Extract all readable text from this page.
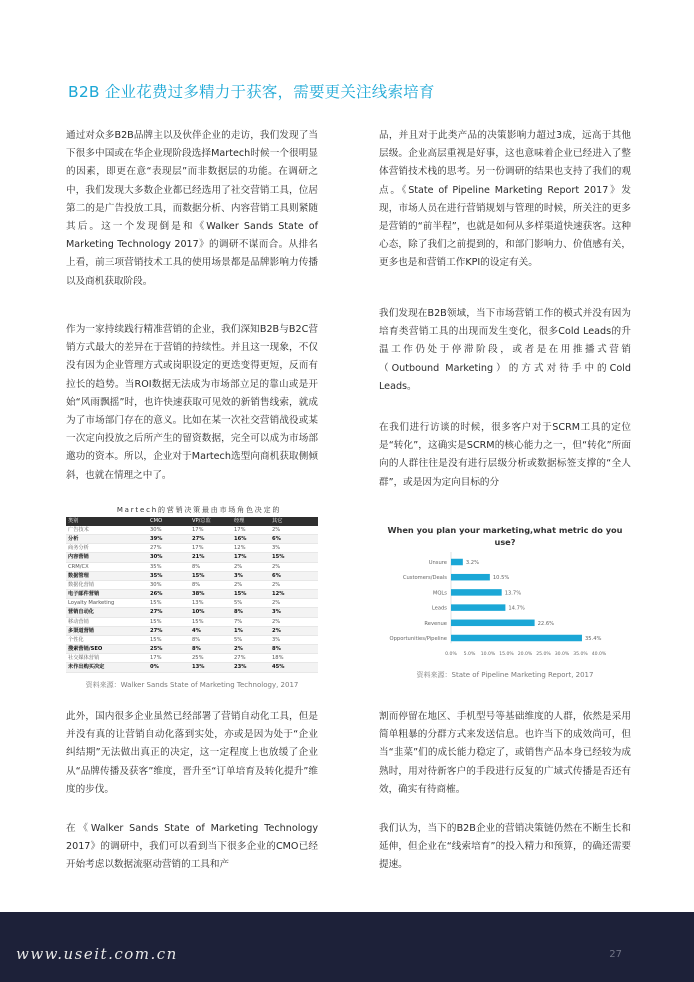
B2B 企业花费过多精力于获客，需要更关注线索培育

通过对众多B2B品牌主以及伙伴企业的走访，我们发现了当下很多中国或在华企业现阶段选择Martech时候一个很明显的因素，即更在意“表现层”而非数据层的功能。在调研之中，我们发现大多数企业都已经选用了社交营销工具，位居第二的是广告投放工具，而数据分析、内容营销工具则紧随其后。这一个发现倒是和《Walker Sands State of Marketing Technology 2017》的调研不谋而合。从排名上看，前三项营销技术工具的使用场景都是品牌影响力传播以及商机获取阶段。

作为一家持续践行精准营销的企业，我们深知B2B与B2C营销方式最大的差异在于营销的持续性。并且这一现象，不仅没有因为企业管理方式或岗职设定的更迭变得更短，反而有拉长的趋势。当ROI数据无法成为市场部立足的靠山或是开始“风雨飘摇”时，也许快速获取可见效的新销售线索，就成为了市场部门存在的意义。比如在某一次社交营销战役或某一次定向投放之后所产生的留资数据，完全可以成为市场部邀功的资本。所以，企业对于Martech选型向商机获取侧倾斜，也就在情理之中了。

品，并且对于此类产品的决策影响力超过3成，远高于其他层级。企业高层重视是好事，这也意味着企业已经进入了整体营销技术栈的思考。另一份调研的结果也支持了我们的观点。《State of Pipeline Marketing Report 2017》发现，市场人员在进行营销规划与管理的时候，所关注的更多是营销的“前半程”，也就是如何从多样渠道快速获客。这种心态，除了我们之前提到的，和部门影响力、价值感有关，更多也是和营销工作KPI的设定有关。

我们发现在B2B领域，当下市场营销工作的模式并没有因为培育类营销工具的出现而发生变化，很多Cold Leads的升温工作仍处于停滞阶段，或者是在用推播式营销（Outbound Marketing）的方式对待手中的Cold Leads。

在我们进行访谈的时候，很多客户对于SCRM工具的定位是“转化”，这确实是SCRM的核心能力之一，但“转化”所面向的人群往往是没有进行层级分析或数据标签支撑的“全人群”，或是因为定向目标的分

Martech的营销决策最由市场角色决定的
类别	CMO	VP/总监	经理	其它
广告技术	30%	17%	17%	2%
分析	39%	27%	16%	6%
商务分析	27%	17%	12%	3%
内容营销	30%	21%	17%	15%
CRM/CX	35%	8%	2%	2%
数据管理	35%	15%	3%	6%
数据化营销	30%	8%	2%	2%
电子邮件营销	26%	38%	15%	12%
Loyalty Marketing	15%	13%	5%	2%
营销自动化	27%	10%	8%	3%
移动营销	15%	15%	7%	2%
多渠道营销	27%	4%	1%	2%
个性化	15%	8%	5%	3%
搜索营销/SEO	25%	8%	2%	8%
社交媒体营销	17%	25%	27%	18%
未作出购买决定	0%	13%	23%	45%
资料来源：Walker Sands State of Marketing Technology, 2017
When you plan your marketing,what metric do you use?
Unsure	3.2%
Customers/Deals	10.5%
MQLs	13.7%
Leads	14.7%
Revenue	22.6%
Opportunities/Pipeline	35.4%
0.0% 5.0% 10.0% 15.0% 20.0% 25.0% 30.0% 35.0% 40.0%
资料来源：State of Pipeline Marketing Report, 2017

此外，国内很多企业虽然已经部署了营销自动化工具，但是并没有真的让营销自动化落到实处，亦或是因为处于“企业纠结期”无法做出真正的决定，这一定程度上也放缓了企业从“品牌传播及获客”维度，晋升至“订单培育及转化提升”维度的步伐。

在《Walker Sands State of Marketing Technology 2017》的调研中，我们可以看到当下很多企业的CMO已经开始考虑以数据流驱动营销的工具和产

割而停留在地区、手机型号等基础维度的人群，依然是采用简单粗暴的分群方式来发送信息。也许当下的成效尚可，但当“韭菜”们的成长能力稳定了，或销售产品本身已经较为成熟时，用对待新客户的手段进行反复的广域式传播是否还有效，确实有待商榷。

我们认为，当下的B2B企业的营销决策链仍然在不断生长和延伸，但企业在“线索培育”的投入精力和预算，的确还需要提速。

www.useit.com.cn	27
